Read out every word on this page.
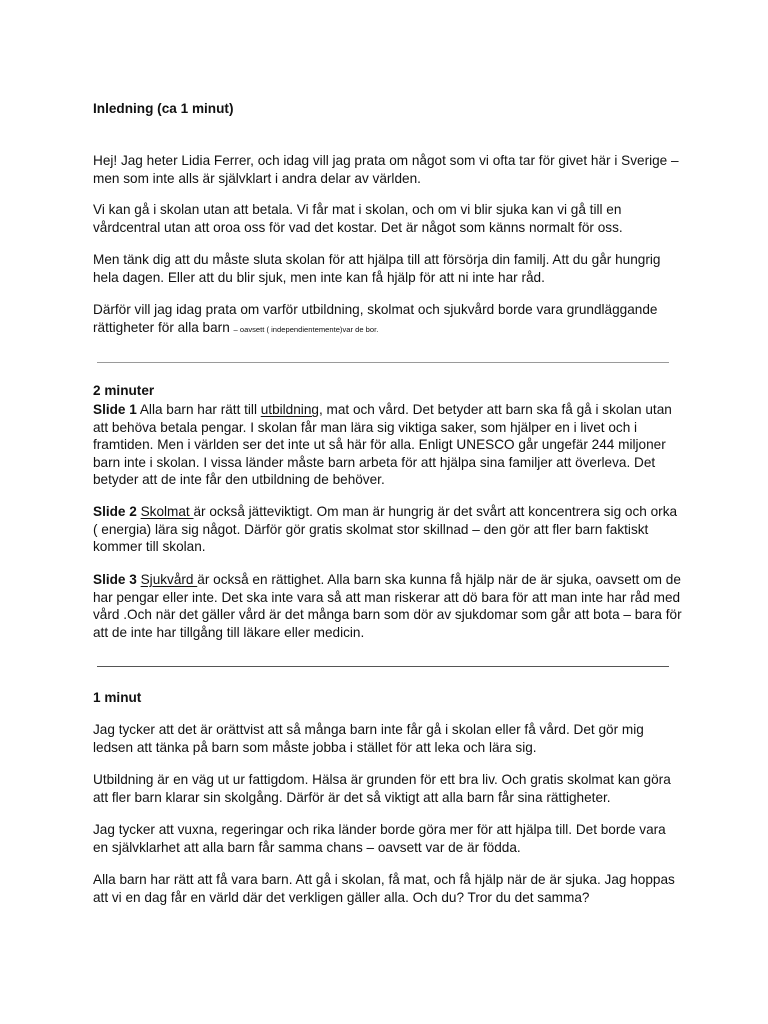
Inledning (ca 1 minut)

Hej! Jag heter Lidia Ferrer, och idag vill jag prata om något som vi ofta tar för givet här i Sverige – men som inte alls är självklart i andra delar av världen.

Vi kan gå i skolan utan att betala. Vi får mat i skolan, och om vi blir sjuka kan vi gå till en vårdcentral utan att oroa oss för vad det kostar. Det är något som känns normalt för oss.

Men tänk dig att du måste sluta skolan för att hjälpa till att försörja din familj. Att du går hungrig hela dagen. Eller att du blir sjuk, men inte kan få hjälp för att ni inte har råd.

Därför vill jag idag prata om varför utbildning, skolmat och sjukvård borde vara grundläggande rättigheter för alla barn – oavsett ( independientemente)var de bor.

2 minuter

Slide 1 Alla barn har rätt till utbildning, mat och vård. Det betyder att barn ska få gå i skolan utan att behöva betala pengar. I skolan får man lära sig viktiga saker, som hjälper en i livet och i framtiden. Men i världen ser det inte ut så här för alla. Enligt UNESCO går ungefär 244 miljoner barn inte i skolan. I vissa länder måste barn arbeta för att hjälpa sina familjer att överleva. Det betyder att de inte får den utbildning de behöver.

Slide 2 Skolmat är också jätteviktigt. Om man är hungrig är det svårt att koncentrera sig och orka ( energia) lära sig något. Därför gör gratis skolmat stor skillnad – den gör att fler barn faktiskt kommer till skolan.

Slide 3 Sjukvård är också en rättighet. Alla barn ska kunna få hjälp när de är sjuka, oavsett om de har pengar eller inte. Det ska inte vara så att man riskerar att dö bara för att man inte har råd med vård .Och när det gäller vård är det många barn som dör av sjukdomar som går att bota – bara för att de inte har tillgång till läkare eller medicin.

1 minut

Jag tycker att det är orättvist att så många barn inte får gå i skolan eller få vård. Det gör mig ledsen att tänka på barn som måste jobba i stället för att leka och lära sig.

Utbildning är en väg ut ur fattigdom. Hälsa är grunden för ett bra liv. Och gratis skolmat kan göra att fler barn klarar sin skolgång. Därför är det så viktigt att alla barn får sina rättigheter.

Jag tycker att vuxna, regeringar och rika länder borde göra mer för att hjälpa till. Det borde vara en självklarhet att alla barn får samma chans – oavsett var de är födda.

Alla barn har rätt att få vara barn. Att gå i skolan, få mat, och få hjälp när de är sjuka. Jag hoppas att vi en dag får en värld där det verkligen gäller alla. Och du? Tror du det samma?
